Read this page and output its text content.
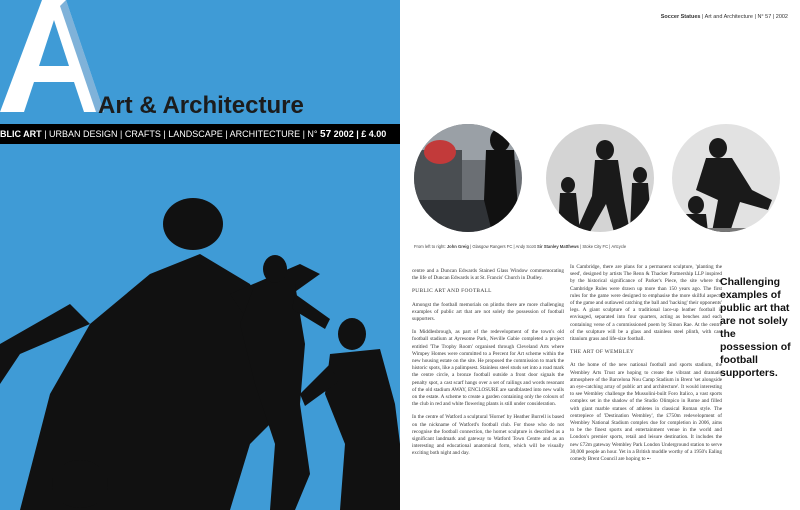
Art & Architecture
BLIC ART | URBAN DESIGN | CRAFTS | LANDSCAPE | ARCHITECTURE | N° 57 2002 | £ 4.00
Soccer Statues | Art and Architecture | N° 57 | 2002
From left to right: John Greig | Glasgow Rangers FC | Andy Scott Sir Stanley Matthews | Stoke City FC | Artcycle

centre and a Duncan Edwards Stained Glass Window commemorating the life of Duncan Edwards is at St. Francis' Church in Dudley.

PUBLIC ART AND FOOTBALL

Amongst the football memorials on plinths there are more challenging examples of public art that are not solely the possession of football supporters.

In Middlesbrough, as part of the redevelopment of the town's old football stadium at Ayresome Park, Neville Gabie completed a project entitled 'The Trophy Room' organised through Cleveland Arts where Wimpey Homes were committed to a Percent for Art scheme within the new housing estate on the site. He proposed the commission to mark the historic spots, like a palimpsest. Stainless steel studs set into a road mark the centre circle, a bronze football outside a front door signals the penalty spot, a cast scarf hangs over a set of railings and words resonant of the old stadium AWAY, ENCLOSURE are sandblasted into new walls on the estate. A scheme to create a garden containing only the colours of the club in red and white flowering plants is still under consideration.

In the centre of Watford a sculptural 'Hornet' by Heather Burrell is based on the nickname of Watford's football club. For those who do not recognise the football connection, the hornet sculpture is described as a significant landmark and gateway to Watford Town Centre and as an interesting and educational anatomical form, which will be visually exciting both night and day.

In Cambridge, there are plans for a permanent sculpture, 'planting the seed', designed by artists The Renn & Thacker Partnership LLP inspired by the historical significance of Parker's Piece, the site where the Cambridge Rules were drawn up more than 150 years ago. The first rules for the game were designed to emphasise the more skilful aspects of the game and outlawed catching the ball and 'hacking' their opponents' legs. A giant sculpture of a traditional lace-up leather football is envisaged, separated into four quarters, acting as benches and each containing verse of a commissioned poem by Simon Rae. At the centre of the sculpture will be a glass and stainless steel plinth, with cast titanium grass and life-size football.

THE ART OF WEMBLEY

At the home of the new national football and sports stadium, the Wembley Arts Trust are hoping to create the vibrant and dramatic atmosphere of the Barcelona Nou Camp Stadium in Brent 'set alongside an eye-catching array of public art and architecture'. It would interesting to see Wembley challenge the Mussolini-built Foro Italico, a vast sports complex set in the shadow of the Studio Olimpico in Rome and filled with giant marble statues of athletes in classical Roman style. The centrepiece of 'Destination Wembley', the £750m redevelopment of Wembley National Stadium complex due for completion in 2006, aims to be the finest sports and entertainment venue in the world and London's premier sports, retail and leisure destination. It includes the new £72m gateway Wembley Park London Underground station to serve 30,000 people an hour. Yet in a British muddle worthy of a 1950's Ealing comedy Brent Council are hoping to ➸

Challenging examples of public art that are not solely the possession of football supporters.
